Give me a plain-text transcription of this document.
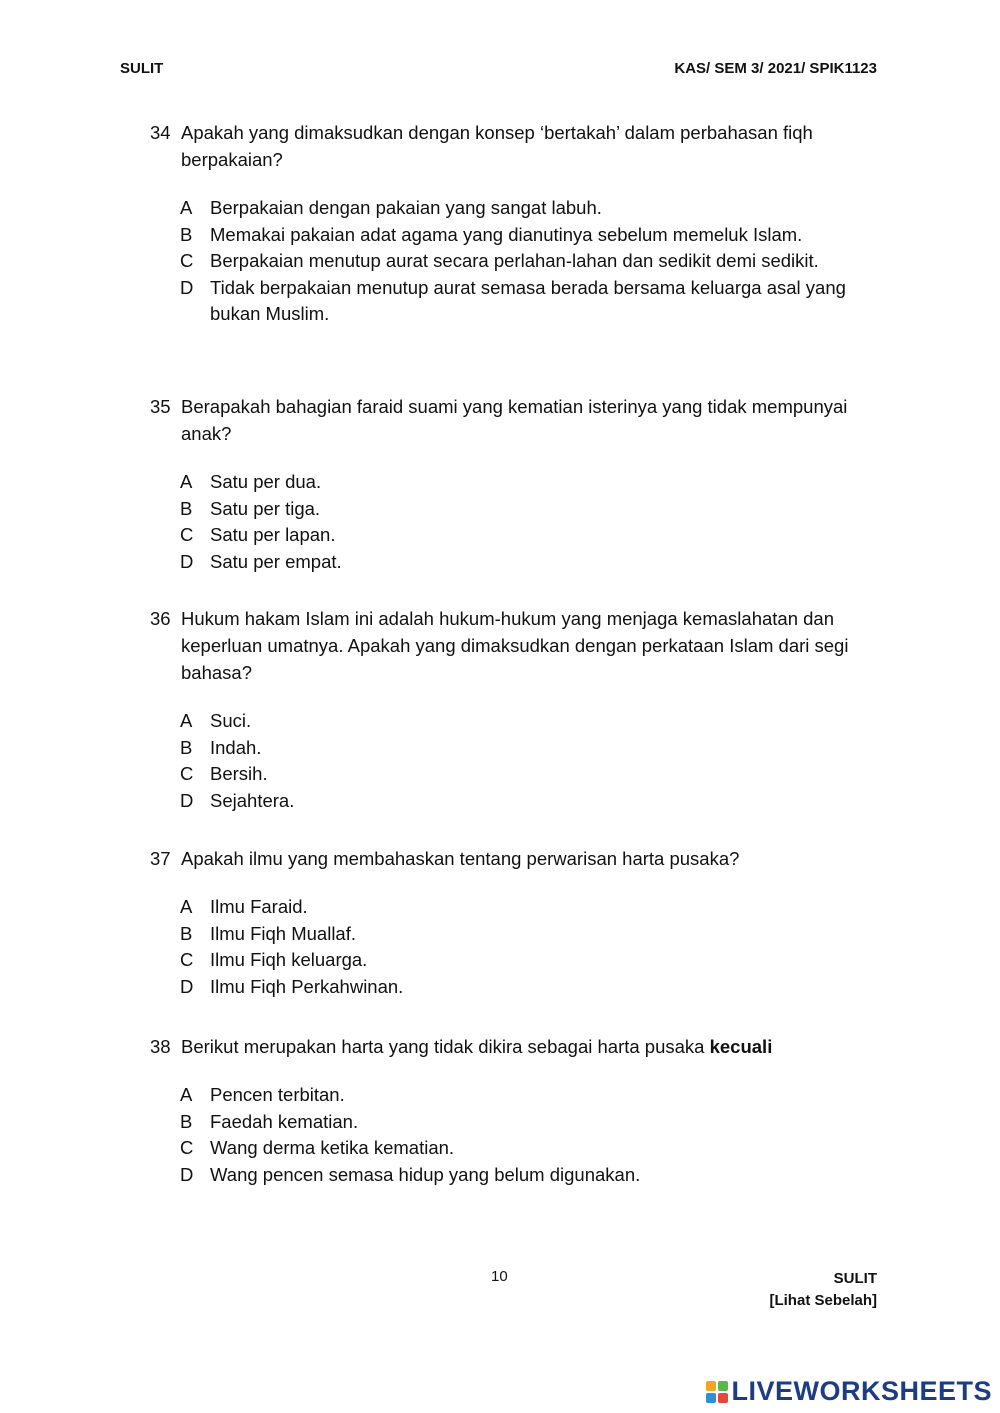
SULIT	KAS/ SEM 3/ 2021/ SPIK1123
34 Apakah yang dimaksudkan dengan konsep ‘bertakah’ dalam perbahasan fiqh berpakaian?
A Berpakaian dengan pakaian yang sangat labuh.
B Memakai pakaian adat agama yang dianutinya sebelum memeluk Islam.
C Berpakaian menutup aurat secara perlahan-lahan dan sedikit demi sedikit.
D Tidak berpakaian menutup aurat semasa berada bersama keluarga asal yang bukan Muslim.
35 Berapakah bahagian faraid suami yang kematian isterinya yang tidak mempunyai anak?
A Satu per dua.
B Satu per tiga.
C Satu per lapan.
D Satu per empat.
36 Hukum hakam Islam ini adalah hukum-hukum yang menjaga kemaslahatan dan keperluan umatnya. Apakah yang dimaksudkan dengan perkataan Islam dari segi bahasa?
A Suci.
B Indah.
C Bersih.
D Sejahtera.
37 Apakah ilmu yang membahaskan tentang perwarisan harta pusaka?
A Ilmu Faraid.
B Ilmu Fiqh Muallaf.
C Ilmu Fiqh keluarga.
D Ilmu Fiqh Perkahwinan.
38 Berikut merupakan harta yang tidak dikira sebagai harta pusaka kecuali
A Pencen terbitan.
B Faedah kematian.
C Wang derma ketika kematian.
D Wang pencen semasa hidup yang belum digunakan.
10	SULIT
[Lihat Sebelah]
LIVEWORKSHEETS
